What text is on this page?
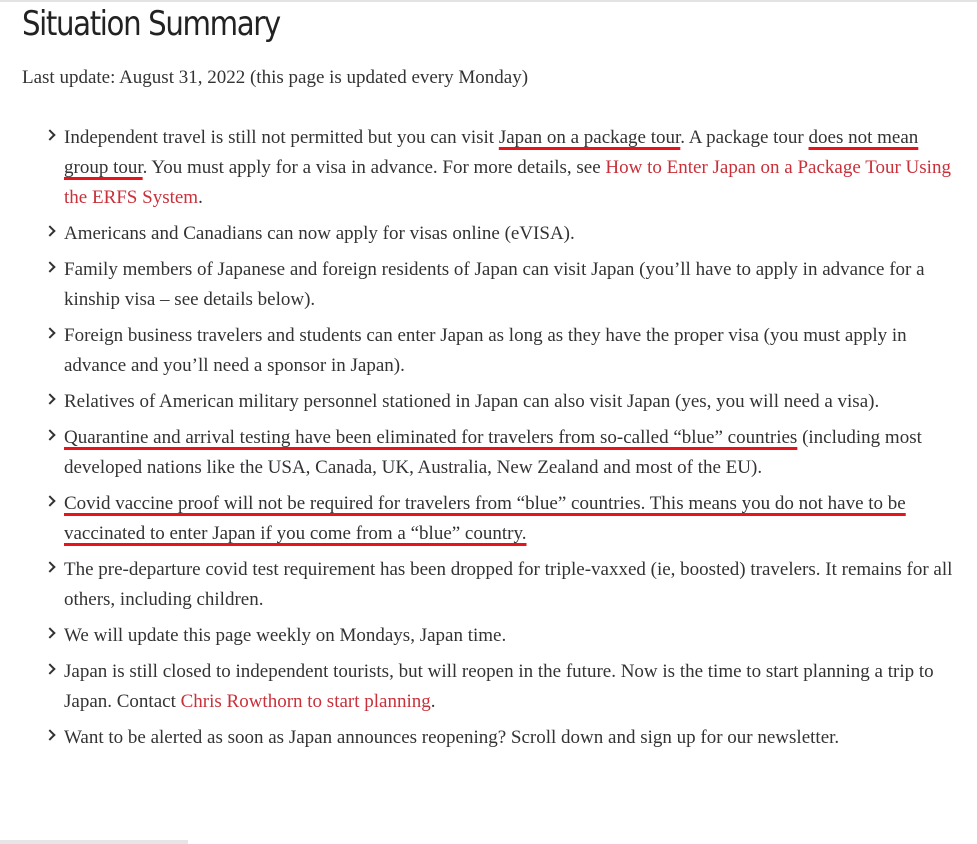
Situation Summary

Last update: August 31, 2022 (this page is updated every Monday)

Independent travel is still not permitted but you can visit Japan on a package tour. A package tour does not mean group tour. You must apply for a visa in advance. For more details, see How to Enter Japan on a Package Tour Using the ERFS System.
Americans and Canadians can now apply for visas online (eVISA).
Family members of Japanese and foreign residents of Japan can visit Japan (you’ll have to apply in advance for a kinship visa – see details below).
Foreign business travelers and students can enter Japan as long as they have the proper visa (you must apply in advance and you’ll need a sponsor in Japan).
Relatives of American military personnel stationed in Japan can also visit Japan (yes, you will need a visa).
Quarantine and arrival testing have been eliminated for travelers from so-called “blue” countries (including most developed nations like the USA, Canada, UK, Australia, New Zealand and most of the EU).
Covid vaccine proof will not be required for travelers from “blue” countries. This means you do not have to be vaccinated to enter Japan if you come from a “blue” country.
The pre-departure covid test requirement has been dropped for triple-vaxxed (ie, boosted) travelers. It remains for all others, including children.
We will update this page weekly on Mondays, Japan time.
Japan is still closed to independent tourists, but will reopen in the future. Now is the time to start planning a trip to Japan. Contact Chris Rowthorn to start planning.
Want to be alerted as soon as Japan announces reopening? Scroll down and sign up for our newsletter.
